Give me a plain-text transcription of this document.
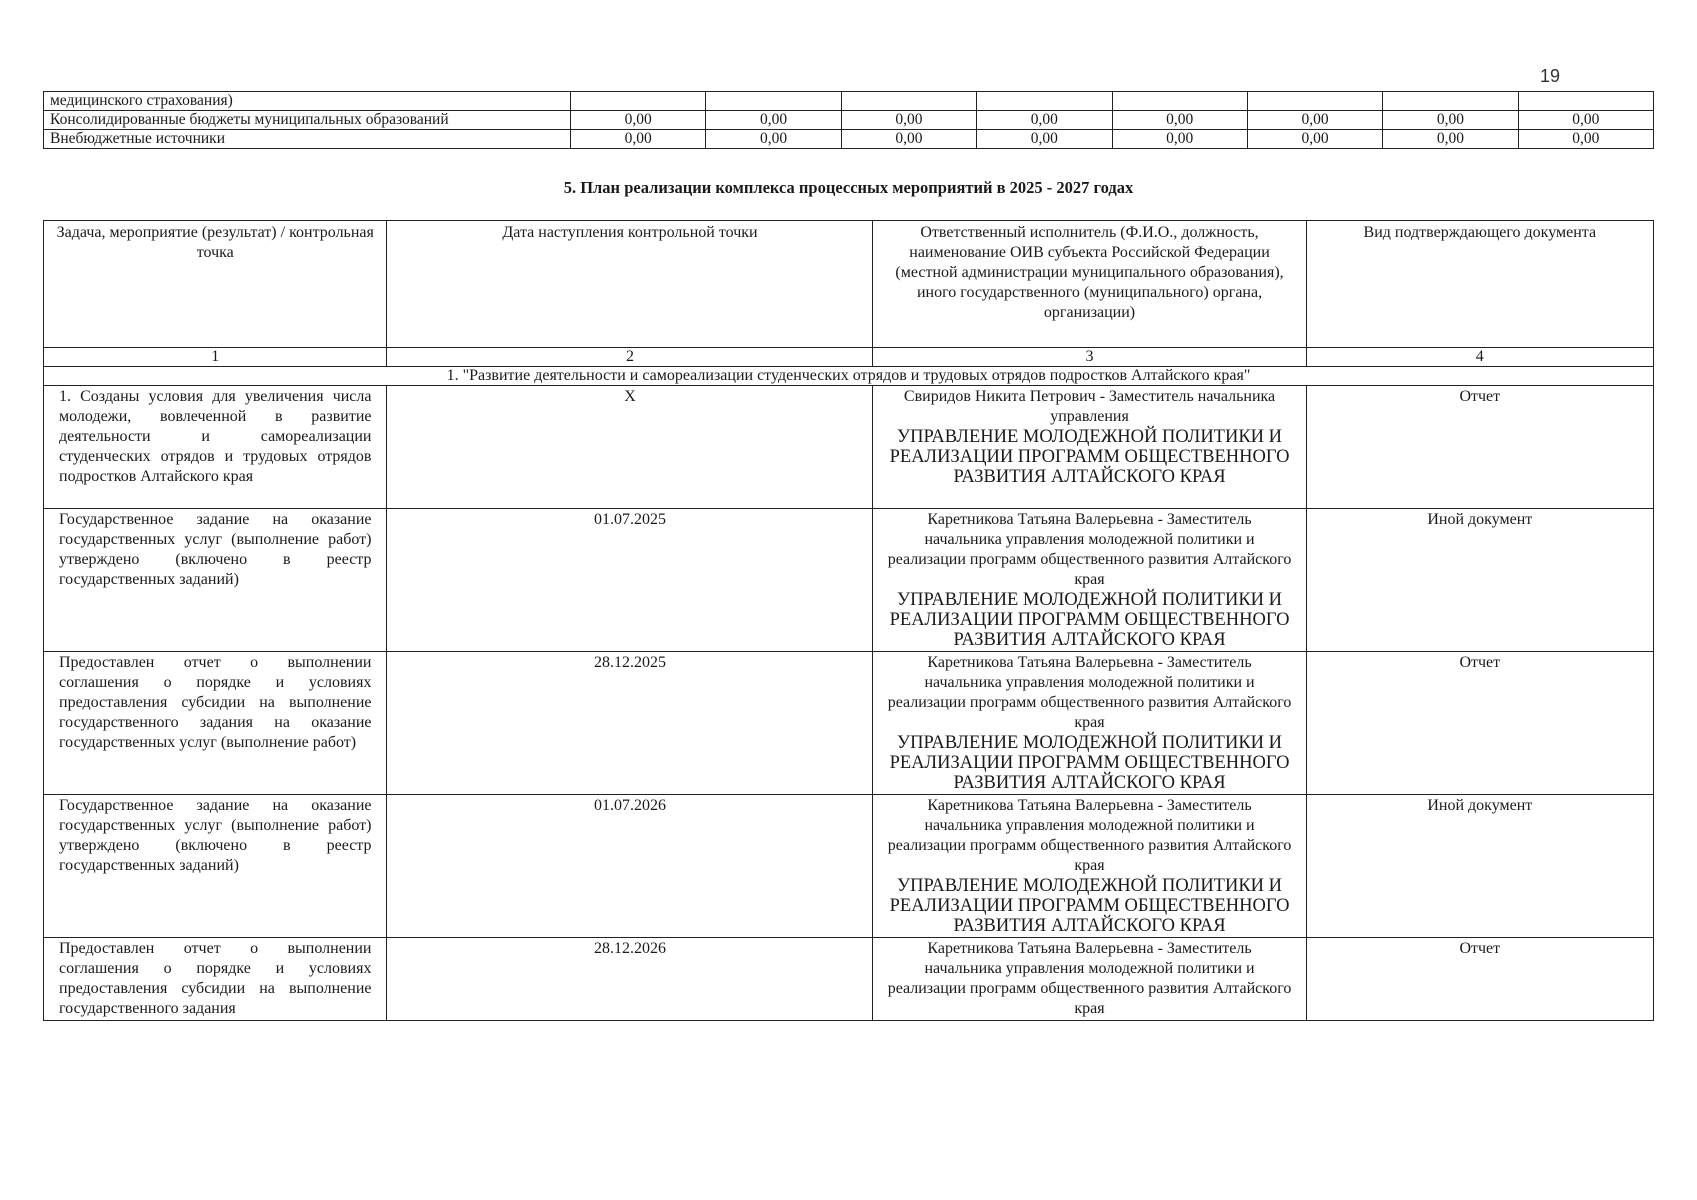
19
медицинского страхования)								
Консолидированные бюджеты муниципальных образований	0,00	0,00	0,00	0,00	0,00	0,00	0,00	0,00
Внебюджетные источники	0,00	0,00	0,00	0,00	0,00	0,00	0,00	0,00
5. План реализации комплекса процессных мероприятий в 2025 - 2027 годах
Задача, мероприятие (результат) / контрольная точка	Дата наступления контрольной точки	Ответственный исполнитель (Ф.И.О., должность, наименование ОИВ субъекта Российской Федерации (местной администрации муниципального образования), иного государственного (муниципального) органа, организации)	Вид подтверждающего документа
1	2	3	4
1. "Развитие деятельности и самореализации студенческих отрядов и трудовых отрядов подростков Алтайского края"			
1. Созданы условия для увеличения числа молодежи, вовлеченной в развитие деятельности и самореализации студенческих отрядов и трудовых отрядов подростков Алтайского края	X	Свиридов Никита Петрович - Заместитель начальника управления
УПРАВЛЕНИЕ МОЛОДЕЖНОЙ ПОЛИТИКИ И РЕАЛИЗАЦИИ ПРОГРАММ ОБЩЕСТВЕННОГО РАЗВИТИЯ АЛТАЙСКОГО КРАЯ	Отчет
Государственное задание на оказание государственных услуг (выполнение работ) утверждено (включено в реестр государственных заданий)	01.07.2025	Каретникова Татьяна Валерьевна - Заместитель начальника управления молодежной политики и реализации программ общественного развития Алтайского края
УПРАВЛЕНИЕ МОЛОДЕЖНОЙ ПОЛИТИКИ И РЕАЛИЗАЦИИ ПРОГРАММ ОБЩЕСТВЕННОГО РАЗВИТИЯ АЛТАЙСКОГО КРАЯ	Иной документ
Предоставлен отчет о выполнении соглашения о порядке и условиях предоставления субсидии на выполнение государственного задания на оказание государственных услуг (выполнение работ)	28.12.2025	Каретникова Татьяна Валерьевна - Заместитель начальника управления молодежной политики и реализации программ общественного развития Алтайского края
УПРАВЛЕНИЕ МОЛОДЕЖНОЙ ПОЛИТИКИ И РЕАЛИЗАЦИИ ПРОГРАММ ОБЩЕСТВЕННОГО РАЗВИТИЯ АЛТАЙСКОГО КРАЯ	Отчет
Государственное задание на оказание государственных услуг (выполнение работ) утверждено (включено в реестр государственных заданий)	01.07.2026	Каретникова Татьяна Валерьевна - Заместитель начальника управления молодежной политики и реализации программ общественного развития Алтайского края
УПРАВЛЕНИЕ МОЛОДЕЖНОЙ ПОЛИТИКИ И РЕАЛИЗАЦИИ ПРОГРАММ ОБЩЕСТВЕННОГО РАЗВИТИЯ АЛТАЙСКОГО КРАЯ	Иной документ
Предоставлен отчет о выполнении соглашения о порядке и условиях предоставления субсидии на выполнение государственного задания	28.12.2026	Каретникова Татьяна Валерьевна - Заместитель начальника управления молодежной политики и реализации программ общественного развития Алтайского края	Отчет
